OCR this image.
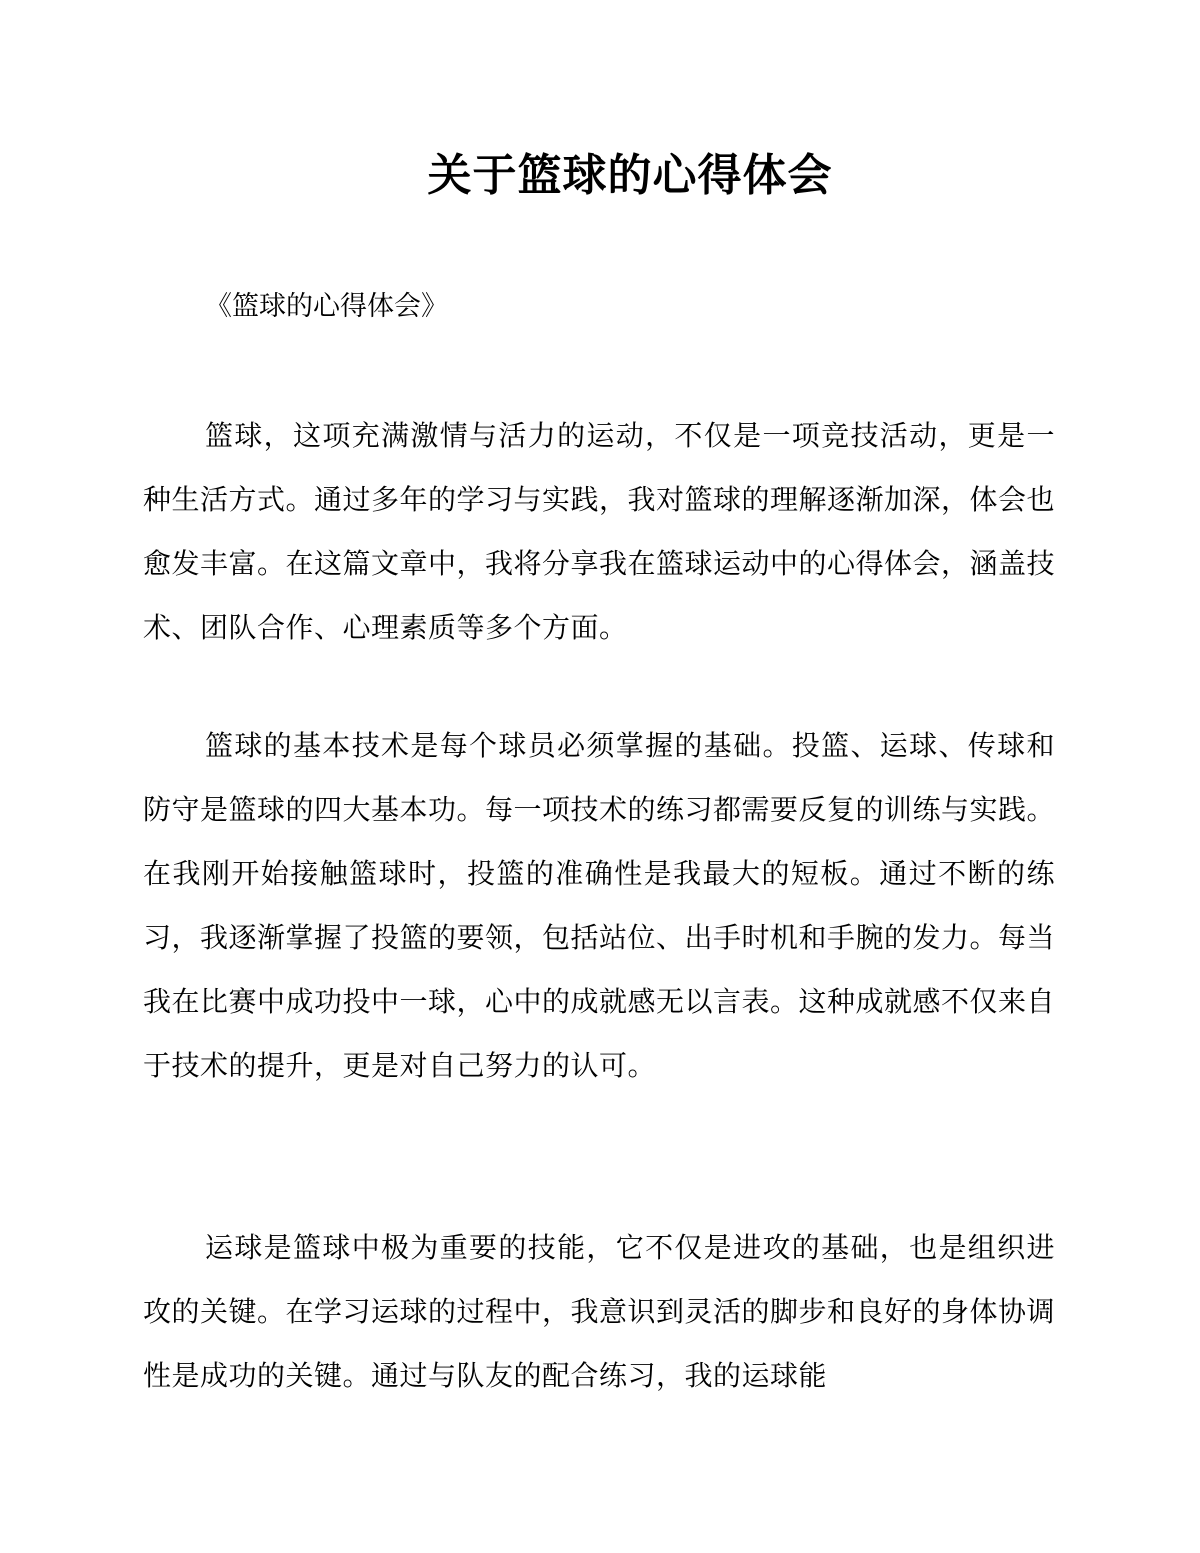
关于篮球的心得体会

《篮球的心得体会》

篮球，这项充满激情与活力的运动，不仅是一项竞技活动，更是一种生活方式。通过多年的学习与实践，我对篮球的理解逐渐加深，体会也愈发丰富。在这篇文章中，我将分享我在篮球运动中的心得体会，涵盖技术、团队合作、心理素质等多个方面。

篮球的基本技术是每个球员必须掌握的基础。投篮、运球、传球和防守是篮球的四大基本功。每一项技术的练习都需要反复的训练与实践。在我刚开始接触篮球时，投篮的准确性是我最大的短板。通过不断的练习，我逐渐掌握了投篮的要领，包括站位、出手时机和手腕的发力。每当我在比赛中成功投中一球，心中的成就感无以言表。这种成就感不仅来自于技术的提升，更是对自己努力的认可。

运球是篮球中极为重要的技能，它不仅是进攻的基础，也是组织进攻的关键。在学习运球的过程中，我意识到灵活的脚步和良好的身体协调性是成功的关键。通过与队友的配合练习，我的运球能
